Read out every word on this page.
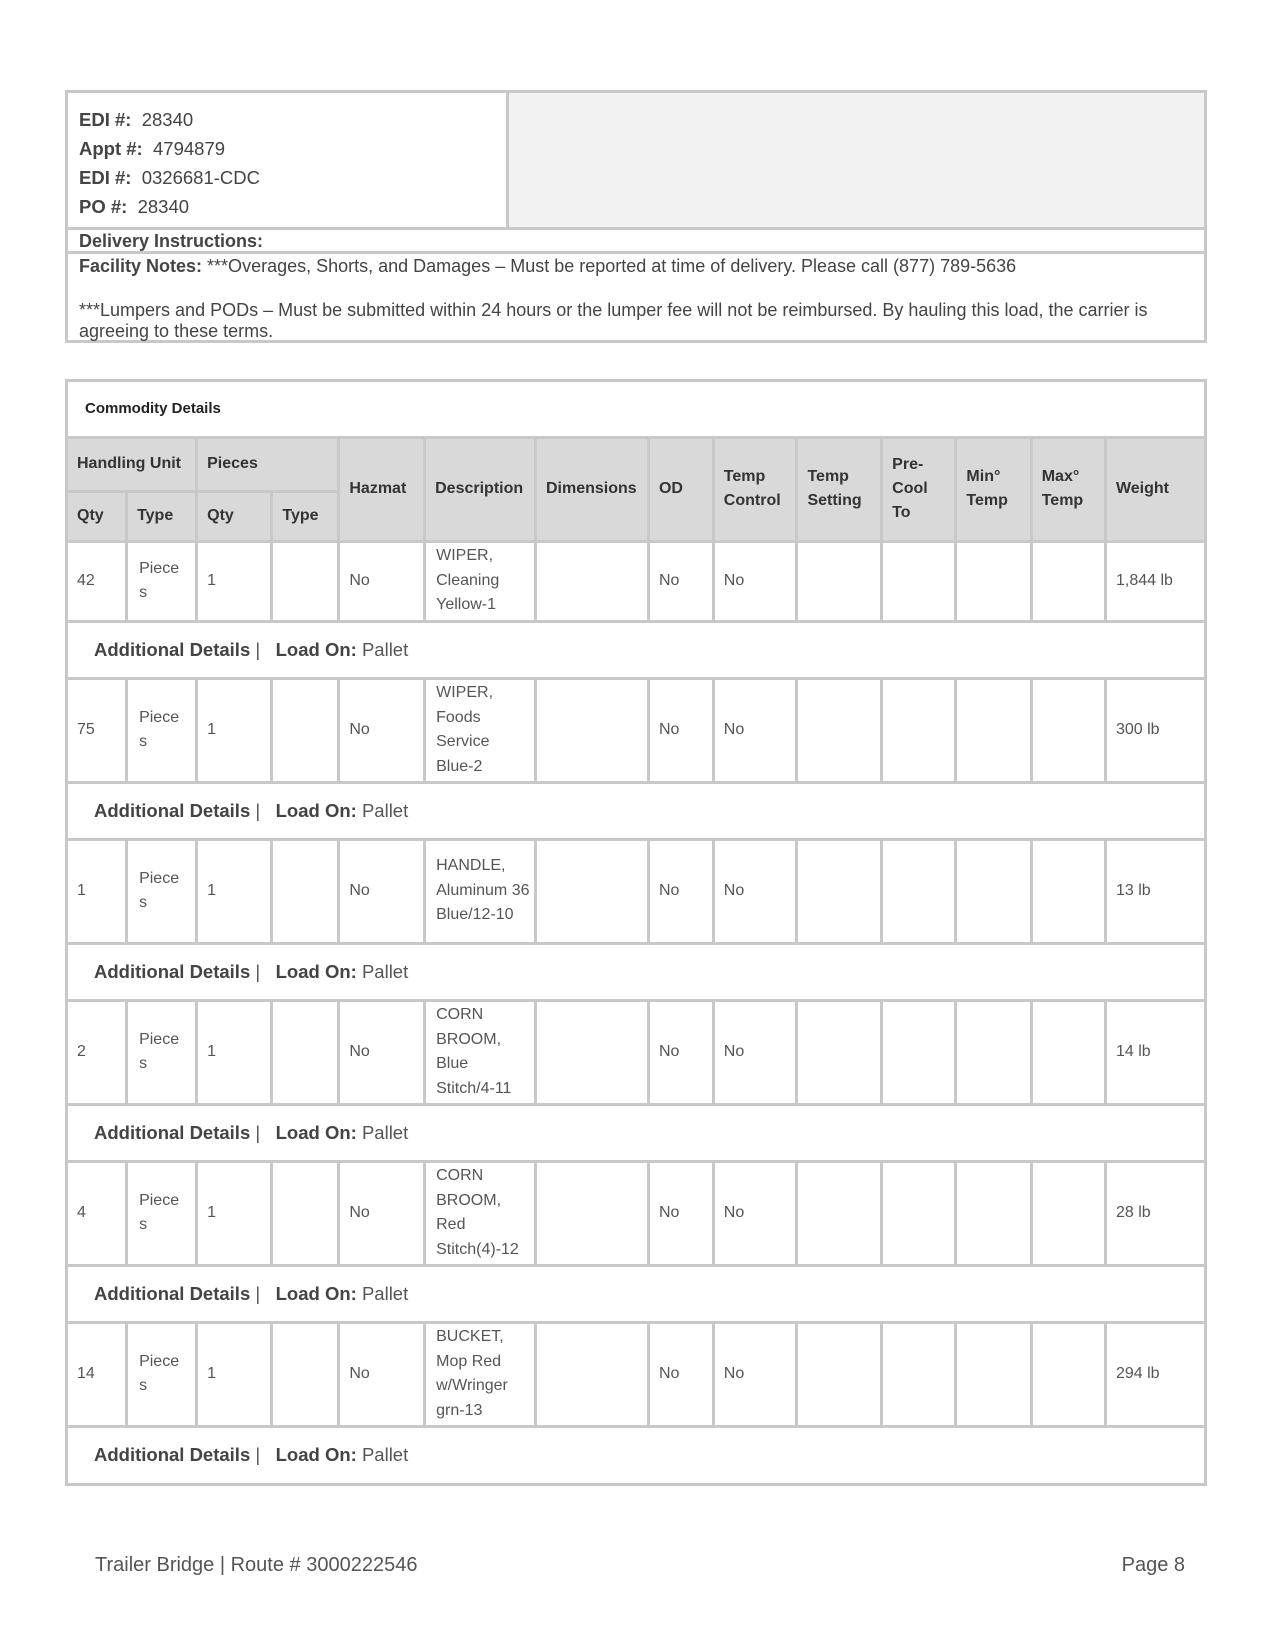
EDI #: 28340
Appt #: 4794879
EDI #: 0326681-CDC
PO #: 28340
Delivery Instructions:

Facility Notes: ***Overages, Shorts, and Damages – Must be reported at time of delivery. Please call (877) 789-5636

***Lumpers and PODs – Must be submitted within 24 hours or the lumper fee will not be reimbursed. By hauling this load, the carrier is agreeing to these terms.

Commodity Details													
Handling Unit		Pieces		Hazmat	Description	Dimensions	OD	Temp Control	Temp Setting	Pre-Cool To	Min° Temp	Max° Temp	Weight
Qty	Type	Qty	Type										
42	Pieces	1		No	WIPER, Cleaning Yellow-1		No	No					1,844 lb
Additional Details | Load On: Pallet													
75	Pieces	1		No	WIPER, Foods Service Blue-2		No	No					300 lb
Additional Details | Load On: Pallet													
1	Pieces	1		No	HANDLE, Aluminum 36 Blue/12-10		No	No					13 lb
Additional Details | Load On: Pallet													
2	Pieces	1		No	CORN BROOM, Blue Stitch/4-11		No	No					14 lb
Additional Details | Load On: Pallet													
4	Pieces	1		No	CORN BROOM, Red Stitch(4)-12		No	No					28 lb
Additional Details | Load On: Pallet													
14	Pieces	1		No	BUCKET, Mop Red w/Wringer grn-13		No	No					294 lb
Additional Details | Load On: Pallet													
Trailer Bridge | Route # 3000222546	Page 8
